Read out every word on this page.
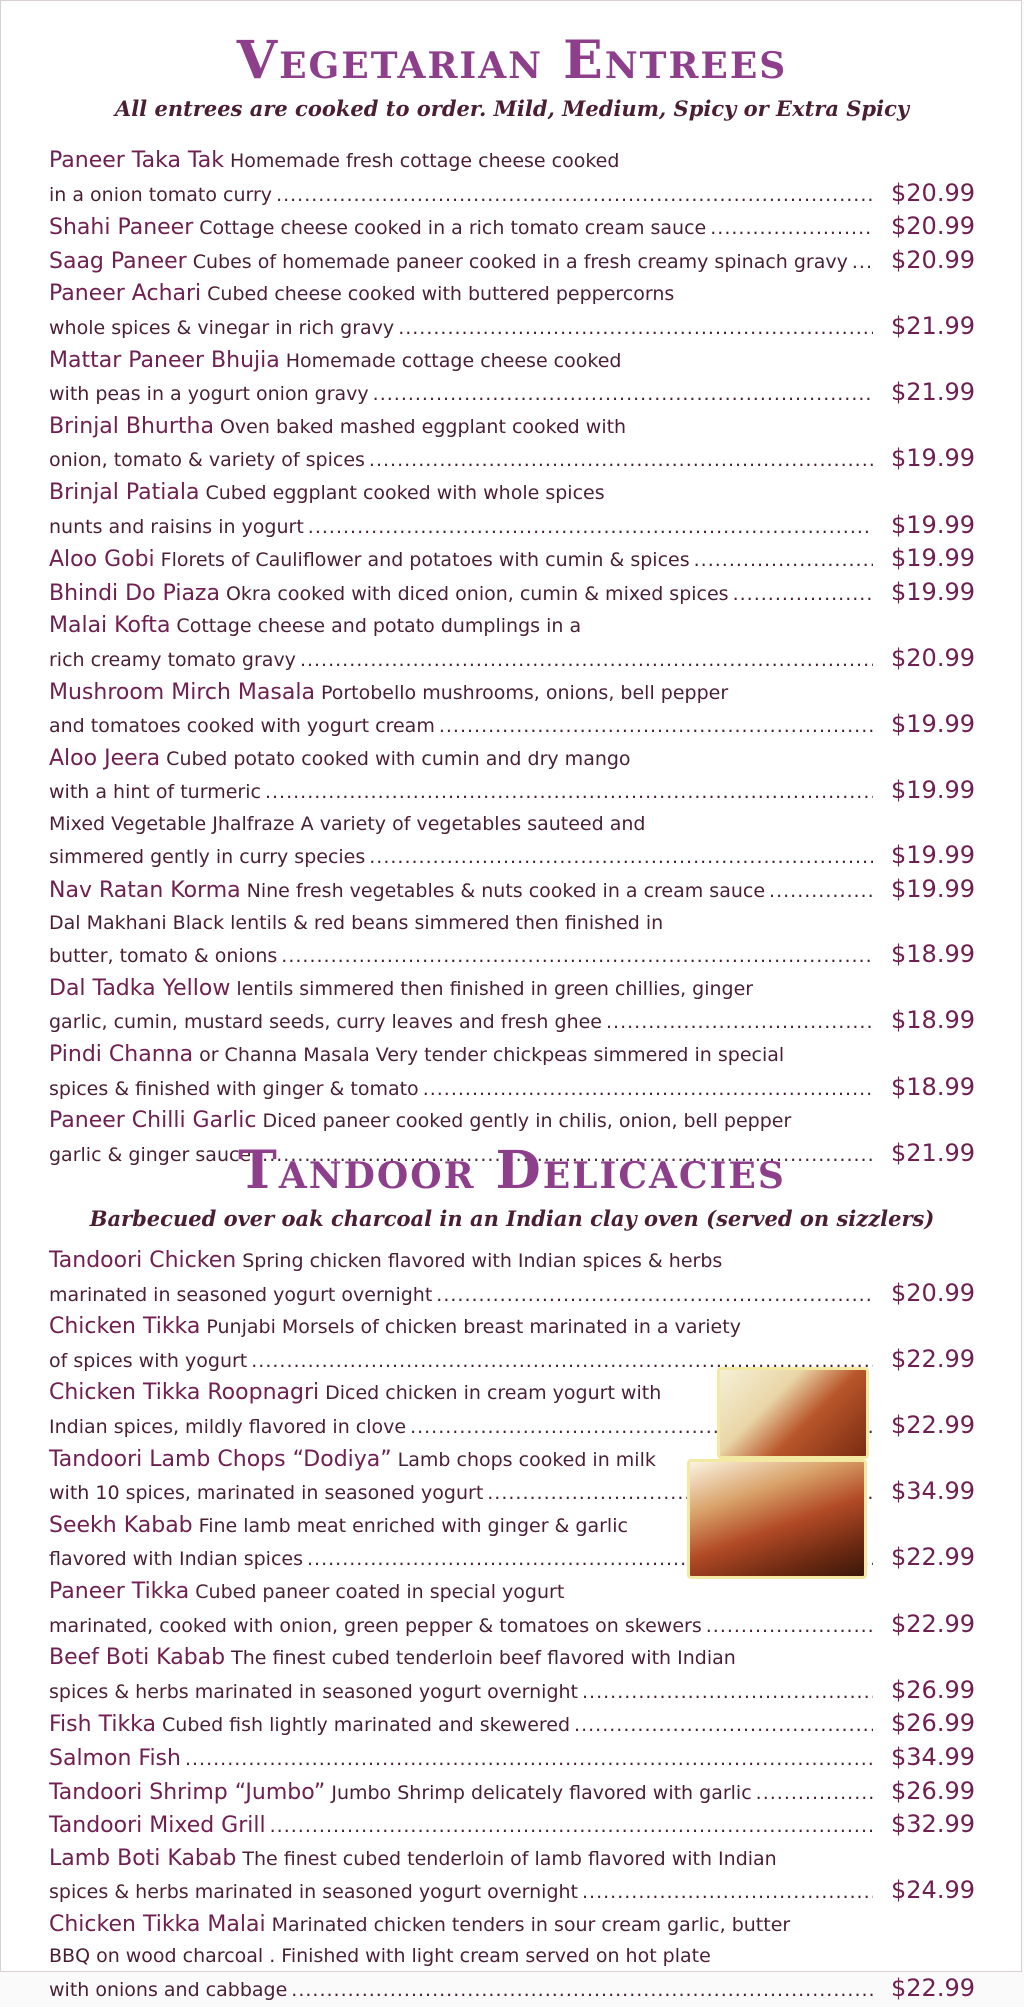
Vegetarian Entrees

All entrees are cooked to order. Mild, Medium, Spicy or Extra Spicy

Paneer Taka Tak Homemade fresh cottage cheese cooked
in a onion tomato curry .....	$20.99
Shahi Paneer Cottage cheese cooked in a rich tomato cream sauce .....	$20.99
Saag Paneer Cubes of homemade paneer cooked in a fresh creamy spinach gravy .....	$20.99
Paneer Achari Cubed cheese cooked with buttered peppercorns
whole spices & vinegar in rich gravy .....	$21.99
Mattar Paneer Bhujia Homemade cottage cheese cooked
with peas in a yogurt onion gravy .....	$21.99
Brinjal Bhurtha Oven baked mashed eggplant cooked with
onion, tomato & variety of spices .....	$19.99
Brinjal Patiala Cubed eggplant cooked with whole spices
nunts and raisins in yogurt .....	$19.99
Aloo Gobi Florets of Cauliflower and potatoes with cumin & spices .....	$19.99
Bhindi Do Piaza Okra cooked with diced onion, cumin & mixed spices .....	$19.99
Malai Kofta Cottage cheese and potato dumplings in a
rich creamy tomato gravy .....	$20.99
Mushroom Mirch Masala Portobello mushrooms, onions, bell pepper
and tomatoes cooked with yogurt cream .....	$19.99
Aloo Jeera Cubed potato cooked with cumin and dry mango
with a hint of turmeric .....	$19.99
Mixed Vegetable Jhalfraze A variety of vegetables sauteed and
simmered gently in curry species .....	$19.99
Nav Ratan Korma Nine fresh vegetables & nuts cooked in a cream sauce .....	$19.99
Dal Makhani Black lentils & red beans simmered then finished in
butter, tomato & onions .....	$18.99
Dal Tadka Yellow lentils simmered then finished in green chillies, ginger
garlic, cumin, mustard seeds, curry leaves and fresh ghee .....	$18.99
Pindi Channa or Channa Masala Very tender chickpeas simmered in special
spices & finished with ginger & tomato .....	$18.99
Paneer Chilli Garlic Diced paneer cooked gently in chilis, onion, bell pepper
garlic & ginger sauce .....	$21.99
Tandoor Delicacies

Barbecued over oak charcoal in an Indian clay oven (served on sizzlers)

Tandoori Chicken Spring chicken flavored with Indian spices & herbs
marinated in seasoned yogurt overnight .....	$20.99
Chicken Tikka Punjabi Morsels of chicken breast marinated in a variety
of spices with yogurt .....	$22.99
Chicken Tikka Roopnagri Diced chicken in cream yogurt with
Indian spices, mildly flavored in clove .....	$22.99
Tandoori Lamb Chops “Dodiya” Lamb chops cooked in milk
with 10 spices, marinated in seasoned yogurt .....	$34.99
Seekh Kabab Fine lamb meat enriched with ginger & garlic
flavored with Indian spices .....	$22.99
Paneer Tikka Cubed paneer coated in special yogurt
marinated, cooked with onion, green pepper & tomatoes on skewers .....	$22.99
Beef Boti Kabab The finest cubed tenderloin beef flavored with Indian
spices & herbs marinated in seasoned yogurt overnight .....	$26.99
Fish Tikka Cubed fish lightly marinated and skewered .....	$26.99
Salmon Fish .....	$34.99
Tandoori Shrimp “Jumbo” Jumbo Shrimp delicately flavored with garlic .....	$26.99
Tandoori Mixed Grill .....	$32.99
Lamb Boti Kabab The finest cubed tenderloin of lamb flavored with Indian
spices & herbs marinated in seasoned yogurt overnight .....	$24.99
Chicken Tikka Malai Marinated chicken tenders in sour cream garlic, butter
BBQ on wood charcoal . Finished with light cream served on hot plate
with onions and cabbage .....	$22.99
